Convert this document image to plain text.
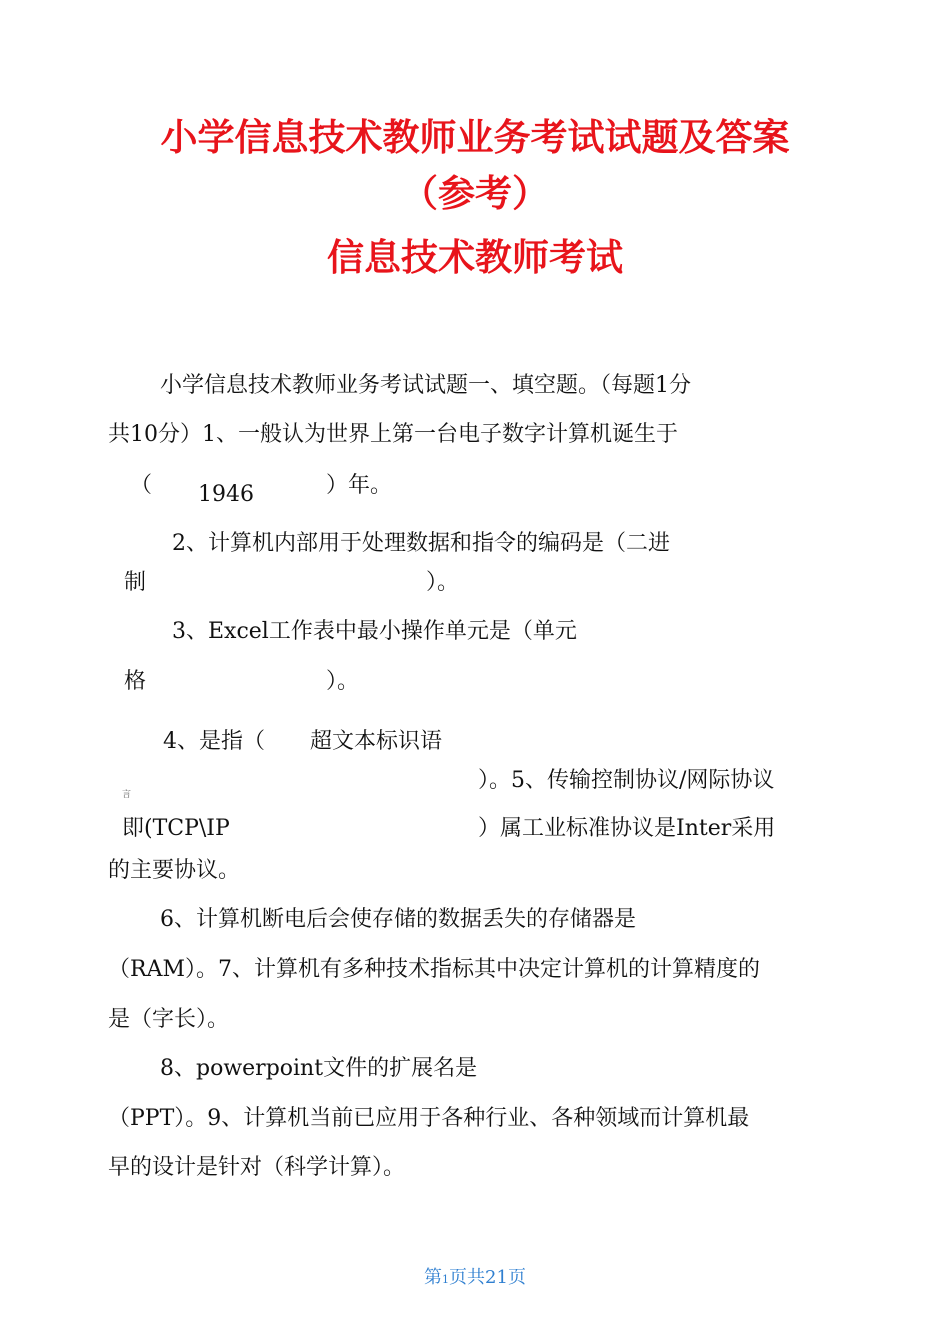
小学信息技术教师业务考试试题及答案
（参考）
信息技术教师考试
小学信息技术教师业务考试试题一、填空题。（每题1分
共10分）1、一般认为世界上第一台电子数字计算机诞生于
（ 1946	）年。
2、计算机内部用于处理数据和指令的编码是（二进
制	）。
3、Excel工作表中最小操作单元是（单元
格	）。
4、是指（ 超文本标识语
言
）。5、传输控制协议/网际协议
即(TCP\IP	）属工业标准协议是Inter采用
的主要协议。
6、计算机断电后会使存储的数据丢失的存储器是
（RAM）。7、计算机有多种技术指标其中决定计算机的计算精度的
是（字长）。
8、powerpoint文件的扩展名是
（PPT）。9、计算机当前已应用于各种行业、各种领域而计算机最
早的设计是针对（科学计算）。
第1页共21页
